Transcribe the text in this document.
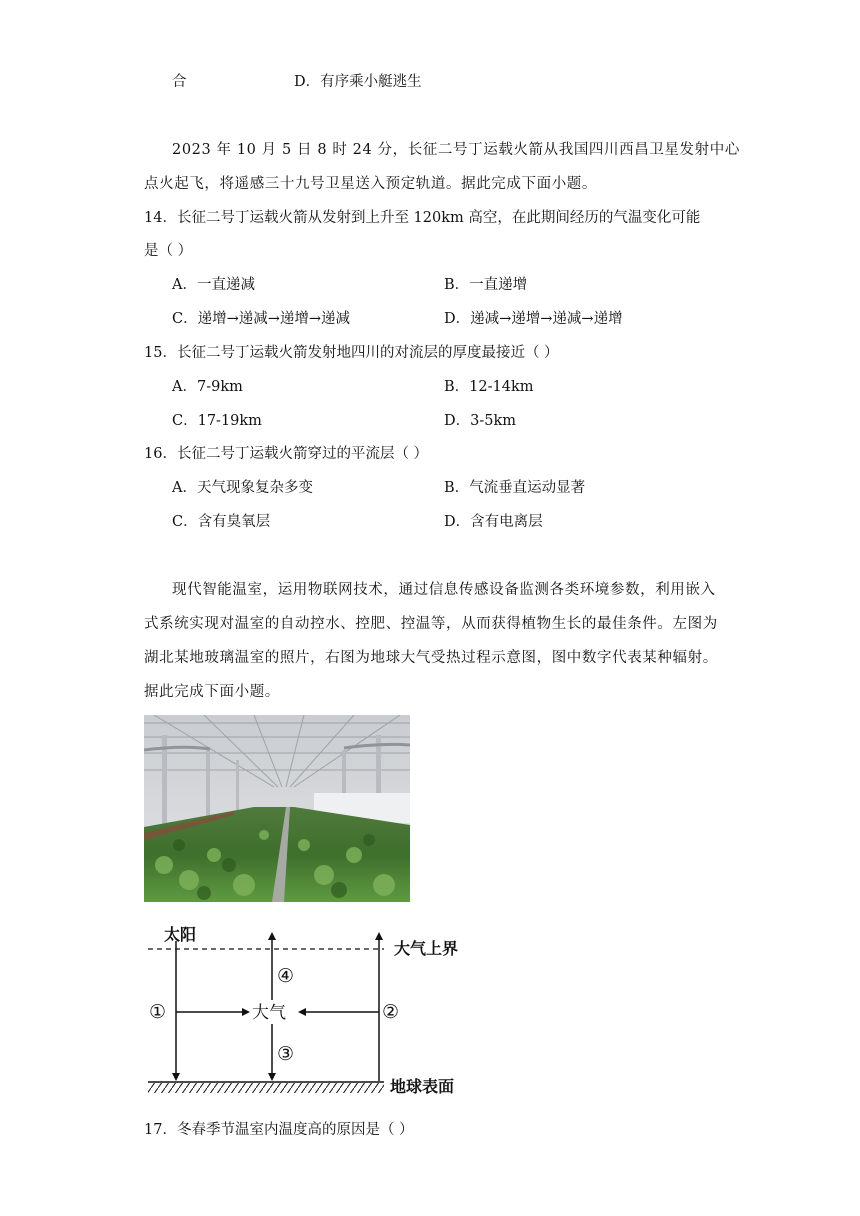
合	D．有序乘小艇逃生
2023 年 10 月 5 日 8 时 24 分，长征二号丁运载火箭从我国四川西昌卫星发射中心
点火起飞，将遥感三十九号卫星送入预定轨道。据此完成下面小题。
14．长征二号丁运载火箭从发射到上升至 120km 高空，在此期间经历的气温变化可能
是（ ）
A．一直递减	B．一直递增
C．递增→递减→递增→递减	D．递减→递增→递减→递增
15．长征二号丁运载火箭发射地四川的对流层的厚度最接近（ ）
A．7-9km	B．12-14km
C．17-19km	D．3-5km
16．长征二号丁运载火箭穿过的平流层（ ）
A．天气现象复杂多变	B．气流垂直运动显著
C．含有臭氧层	D．含有电离层
现代智能温室，运用物联网技术，通过信息传感设备监测各类环境参数，利用嵌入
式系统实现对温室的自动控水、控肥、控温等，从而获得植物生长的最佳条件。左图为
湖北某地玻璃温室的照片，右图为地球大气受热过程示意图，图中数字代表某种辐射。
据此完成下面小题。
太阳
大气上界
大气
地球表面
①	②
③
④
17．冬春季节温室内温度高的原因是（ ）
